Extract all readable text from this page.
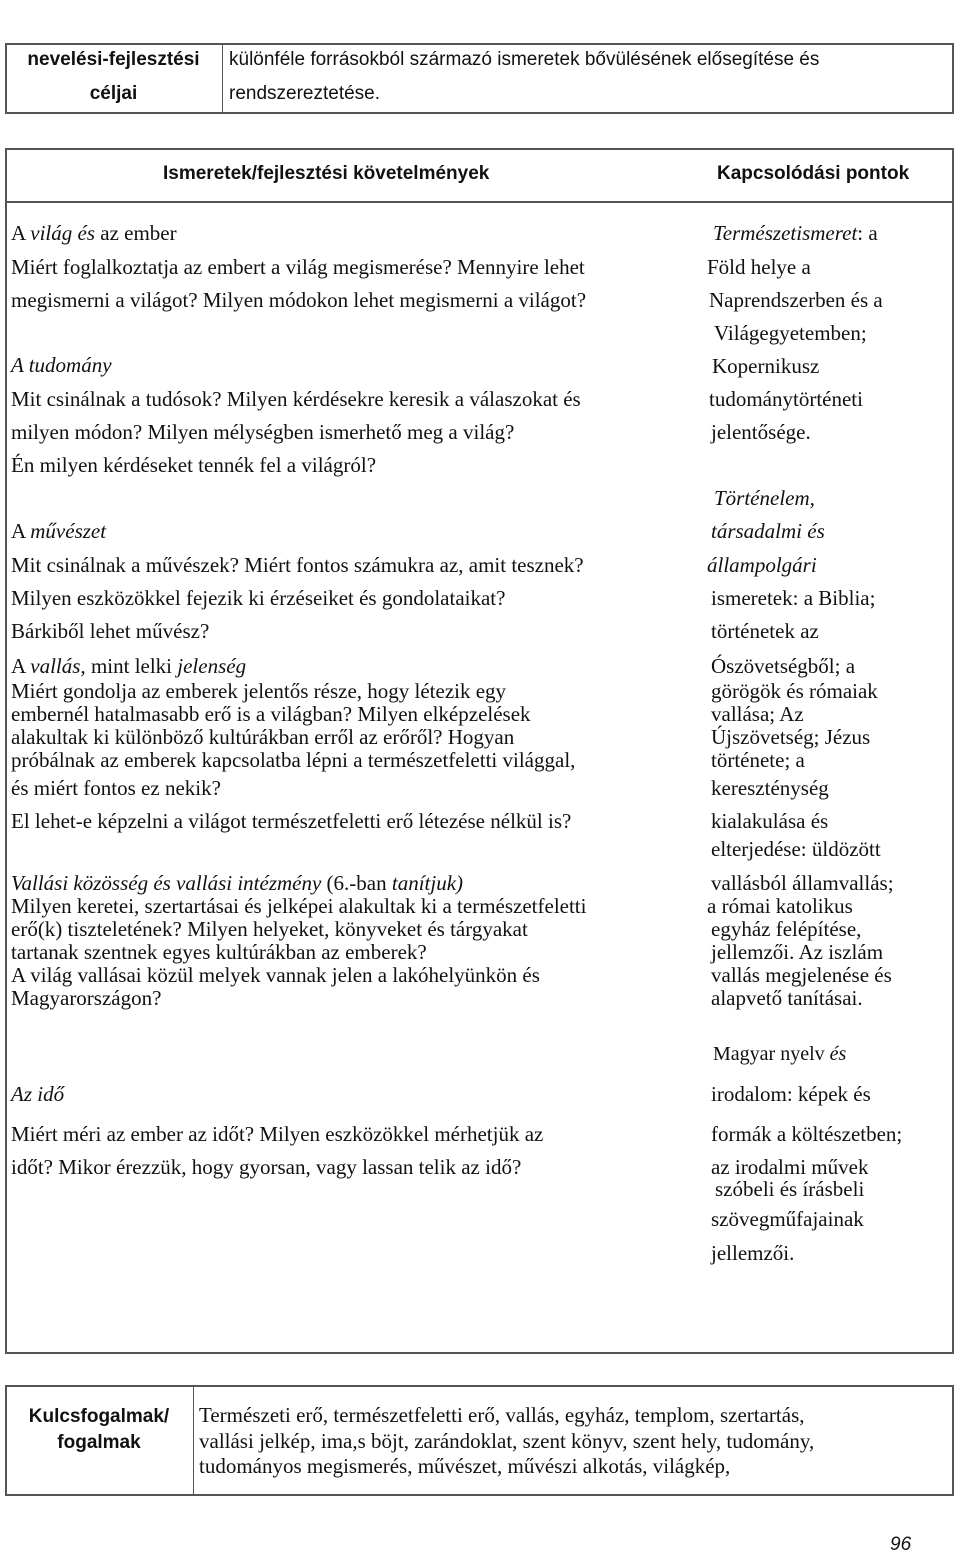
nevelési-fejlesztési
céljai
különféle forrásokból származó ismeretek bővülésének elősegítése és
rendszereztetése.
Ismeretek/fejlesztési követelmények	Kapcsolódási pontok
A világ és az ember
Miért foglalkoztatja az embert a világ megismerése? Mennyire lehet
megismerni a világot? Milyen módokon lehet megismerni a világot?
A tudomány
Mit csinálnak a tudósok? Milyen kérdésekre keresik a válaszokat és
milyen módon? Milyen mélységben ismerhető meg a világ?
Én milyen kérdéseket tennék fel a világról?
A művészet
Mit csinálnak a művészek? Miért fontos számukra az, amit tesznek?
Milyen eszközökkel fejezik ki érzéseiket és gondolataikat?
Bárkiből lehet művész?
A vallás, mint lelki jelenség
Miért gondolja az emberek jelentős része, hogy létezik egy
embernél hatalmasabb erő is a világban? Milyen elképzelések
alakultak ki különböző kultúrákban erről az erőről? Hogyan
próbálnak az emberek kapcsolatba lépni a természetfeletti világgal,
és miért fontos ez nekik?
El lehet-e képzelni a világot természetfeletti erő létezése nélkül is?
Vallási közösség és vallási intézmény (6.-ban tanítjuk)
Milyen keretei, szertartásai és jelképei alakultak ki a természetfeletti
erő(k) tiszteletének? Milyen helyeket, könyveket és tárgyakat
tartanak szentnek egyes kultúrákban az emberek?
A világ vallásai közül melyek vannak jelen a lakóhelyünkön és
Magyarországon?
Az idő
Miért méri az ember az időt? Milyen eszközökkel mérhetjük az
időt? Mikor érezzük, hogy gyorsan, vagy lassan telik az idő?
Természetismeret: a
Föld helye a
Naprendszerben és a
Világegyetemben;
Kopernikusz
tudománytörténeti
jelentősége.
Történelem,
társadalmi és
állampolgári
ismeretek: a Biblia;
történetek az
Ószövetségből; a
görögök és rómaiak
vallása; Az
Újszövetség; Jézus
története; a
kereszténység
kialakulása és
elterjedése: üldözött
vallásból államvallás;
a római katolikus
egyház felépítése,
jellemzői. Az iszlám
vallás megjelenése és
alapvető tanításai.
Magyar nyelv és
irodalom: képek és
formák a költészetben;
az irodalmi művek
szóbeli és írásbeli
szövegműfajainak
jellemzői.
Kulcsfogalmak/
fogalmak
Természeti erő, természetfeletti erő, vallás, egyház, templom, szertartás,
vallási jelkép, ima,s böjt, zarándoklat, szent könyv, szent hely, tudomány,
tudományos megismerés, művészet, művészi alkotás, világkép,
96
